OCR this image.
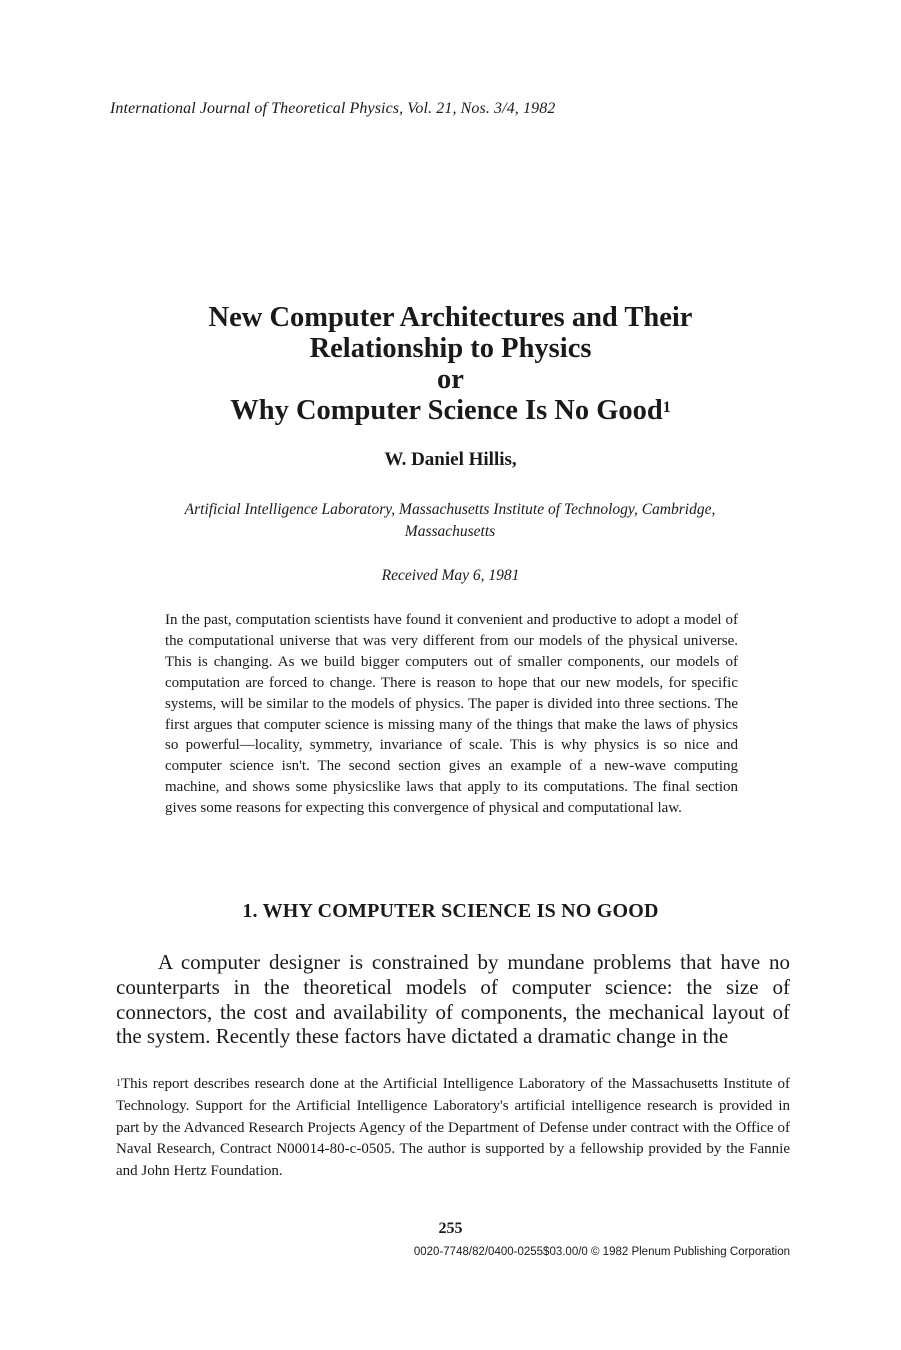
International Journal of Theoretical Physics, Vol. 21, Nos. 3/4, 1982
New Computer Architectures and Their
Relationship to Physics
or
Why Computer Science Is No Good$^1$
W. Daniel Hillis,
Artificial Intelligence Laboratory, Massachusetts Institute of Technology, Cambridge, Massachusetts
Received May 6, 1981
In the past, computation scientists have found it convenient and productive to adopt a model of the computational universe that was very different from our models of the physical universe. This is changing. As we build bigger computers out of smaller components, our models of computation are forced to change. There is reason to hope that our new models, for specific systems, will be similar to the models of physics. The paper is divided into three sections. The first argues that computer science is missing many of the things that make the laws of physics so powerful—locality, symmetry, invariance of scale. This is why physics is so nice and computer science isn't. The second section gives an example of a new-wave computing machine, and shows some physicslike laws that apply to its computations. The final section gives some reasons for expecting this convergence of physical and computational law.
1. WHY COMPUTER SCIENCE IS NO GOOD
A computer designer is constrained by mundane problems that have no counterparts in the theoretical models of computer science: the size of connectors, the cost and availability of components, the mechanical layout of the system. Recently these factors have dictated a dramatic change in the
$^1$This report describes research done at the Artificial Intelligence Laboratory of the Massachusetts Institute of Technology. Support for the Artificial Intelligence Laboratory's artificial intelligence research is provided in part by the Advanced Research Projects Agency of the Department of Defense under contract with the Office of Naval Research, Contract N00014-80-c-0505. The author is supported by a fellowship provided by the Fannie and John Hertz Foundation.
255
0020-7748/82/0400-0255$03.00/0 © 1982 Plenum Publishing Corporation
